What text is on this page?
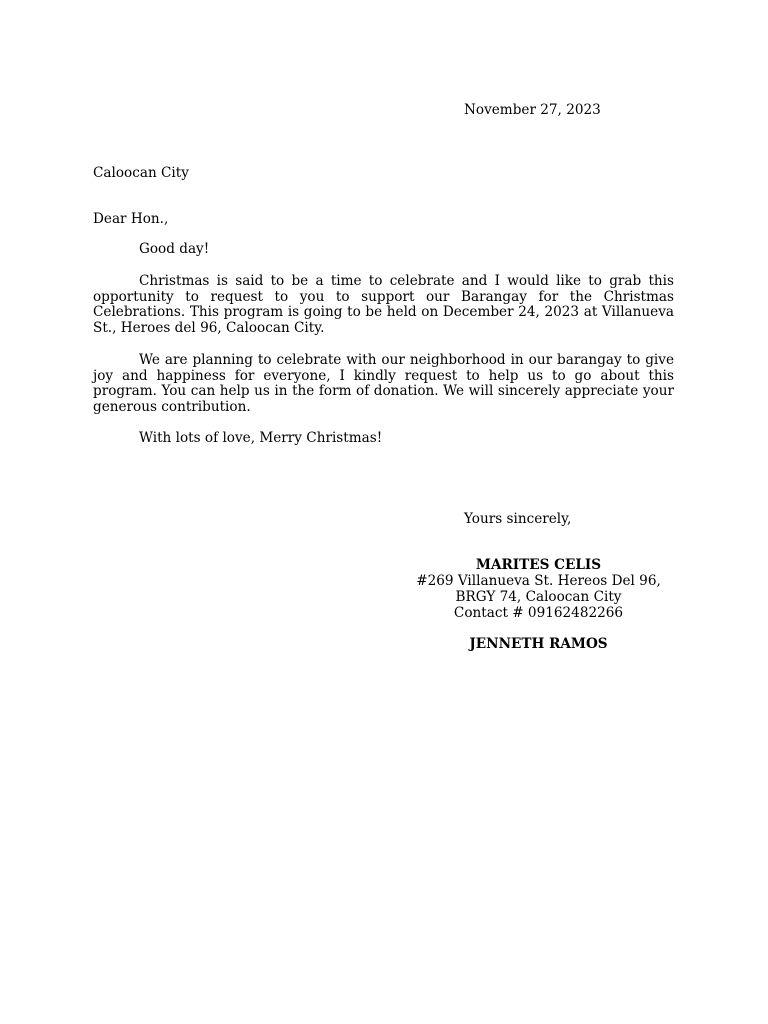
November 27, 2023
Caloocan City
Dear Hon.,
Good day!
Christmas is said to be a time to celebrate and I would like to grab this opportunity to request to you to support our Barangay for the Christmas Celebrations. This program is going to be held on December 24, 2023 at Villanueva St., Heroes del 96, Caloocan City.
We are planning to celebrate with our neighborhood in our barangay to give joy and happiness for everyone, I kindly request to help us to go about this program. You can help us in the form of donation. We will sincerely appreciate your generous contribution.
With lots of love, Merry Christmas!
Yours sincerely,
MARITES CELIS
#269 Villanueva St. Hereos Del 96,
BRGY 74, Caloocan City
Contact # 09162482266
JENNETH RAMOS
